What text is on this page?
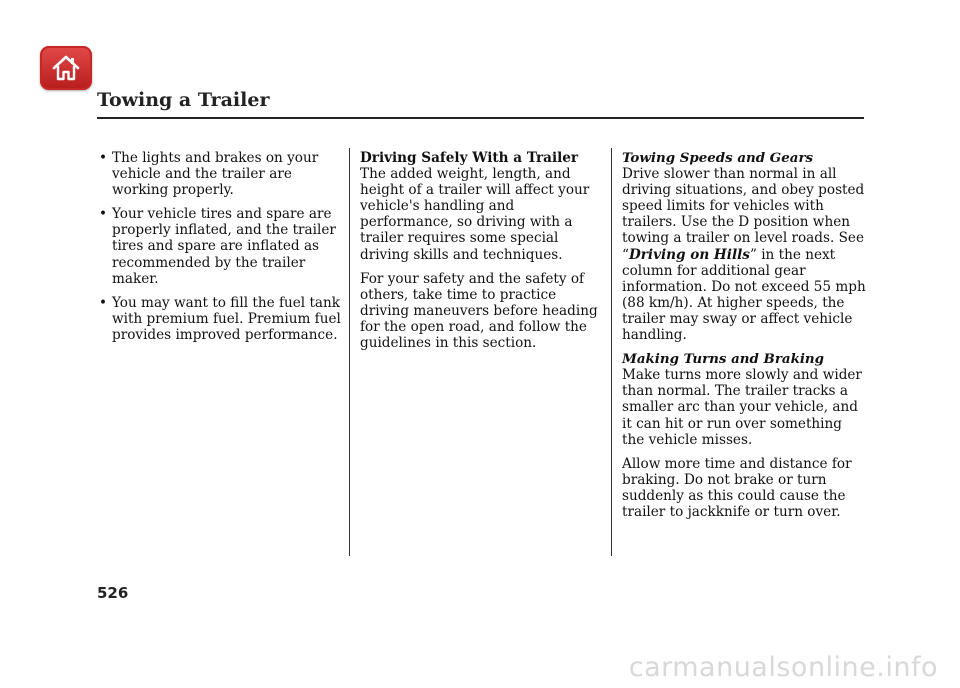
Towing a Trailer
• The lights and brakes on your vehicle and the trailer are working properly.
• Your vehicle tires and spare are properly inflated, and the trailer tires and spare are inflated as recommended by the trailer maker.
• You may want to fill the fuel tank with premium fuel. Premium fuel provides improved performance.
Driving Safely With a Trailer

The added weight, length, and height of a trailer will affect your vehicle's handling and performance, so driving with a trailer requires some special driving skills and techniques.

For your safety and the safety of others, take time to practice driving maneuvers before heading for the open road, and follow the guidelines in this section.

Towing Speeds and Gears

Drive slower than normal in all driving situations, and obey posted speed limits for vehicles with trailers. Use the D position when towing a trailer on level roads. See “Driving on Hills” in the next column for additional gear information. Do not exceed 55 mph (88 km/h). At higher speeds, the trailer may sway or affect vehicle handling.

Making Turns and Braking

Make turns more slowly and wider than normal. The trailer tracks a smaller arc than your vehicle, and it can hit or run over something the vehicle misses.

Allow more time and distance for braking. Do not brake or turn suddenly as this could cause the trailer to jackknife or turn over.

526
carmanualsonline.info
